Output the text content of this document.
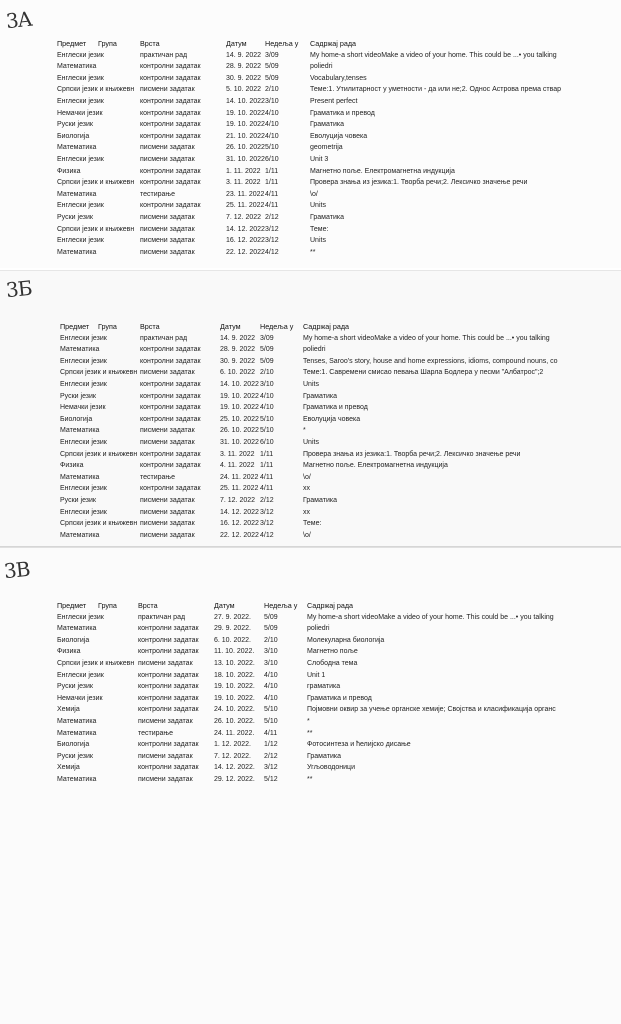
3A
Предмет	Група	Врста	Датум	Недеља у	Садржај рада
Енглески језик	практичан рад	14. 9. 2022 3/09	My home-a short videoMake a video of your home. This could be ...• you talking
Математика	контролни задатак	28. 9. 2022 5/09	poliedri
Енглески језик	контролни задатак	30. 9. 2022 5/09	Vocabulary,tenses
Српски језик и књижевн писмени задатак	5. 10. 2022 2/10	Теме:1. Утилитарност у уметности - да или не;2. Однос Астрова према ствар
Енглески језик	контролни задатак	14. 10. 2022 3/10	Present perfect
Немачки језик	контролни задатак	19. 10. 2022 4/10	Граматика и превод
Руски језик	контролни задатак	19. 10. 2022 4/10	Граматика
Биологија	контролни задатак	21. 10. 2022 4/10	Еволуција човека
Математика	писмени задатак	26. 10. 2022 5/10	geometrija
Енглески језик	писмени задатак	31. 10. 2022 6/10	Unit 3
Физика	контролни задатак	1. 11. 2022 1/11	Магнетно поље. Електромагнетна индукција
Српски језик и књижевн контролни задатак	3. 11. 2022 1/11	Провера знања из језика:1. Творба речи;2. Лексичко значење речи
Математика	тестирање	23. 11. 2022 4/11	\o/
Енглески језик	контролни задатак	25. 11. 2022 4/11	Units
Руски језик	писмени задатак	7. 12. 2022 2/12	Граматика
Српски језик и књижевн писмени задатак	14. 12. 2022 3/12	Теме:
Енглески језик	писмени задатак	16. 12. 2022 3/12	Units
Математика	писмени задатак	22. 12. 2022 4/12	**
3Б
Предмет	Група	Врста	Датум	Недеља у	Садржај рада
Енглески језик	практичан рад	14. 9. 2022 3/09	My home-a short videoMake a video of your home. This could be ...• you talking
Математика	контролни задатак	28. 9. 2022 5/09	poliedri
Енглески језик	контролни задатак	30. 9. 2022 5/09	Tenses, Saroo's story, house and home expressions, idioms, compound nouns, co
Српски језик и књижевн писмени задатак	6. 10. 2022 2/10	Теме:1. Савремени смисао певања Шарла Бодлера у песми "Албатрос";2
Енглески језик	контролни задатак	14. 10. 2022 3/10	Units
Руски језик	контролни задатак	19. 10. 2022 4/10	Граматика
Немачки језик	контролни задатак	19. 10. 2022 4/10	Граматика и превод
Биологија	контролни задатак	25. 10. 2022 5/10	Еволуција човека
Математика	писмени задатак	26. 10. 2022 5/10	*
Енглески језик	писмени задатак	31. 10. 2022 6/10	Units
Српски језик и књижевн контролни задатак	3. 11. 2022 1/11	Провера знања из језика:1. Творба речи;2. Лексичко значење речи
Физика	контролни задатак	4. 11. 2022 1/11	Магнетно поље. Електромагнетна индукција
Математика	тестирање	24. 11. 2022 4/11	\o/
Енглески језик	контролни задатак	25. 11. 2022 4/11	xx
Руски језик	писмени задатак	7. 12. 2022 2/12	Граматика
Енглески језик	писмени задатак	14. 12. 2022 3/12	xx
Српски језик и књижевн писмени задатак	16. 12. 2022 3/12	Теме:
Математика	писмени задатак	22. 12. 2022 4/12	\o/
3В
Предмет	Група	Врста	Датум	Недеља у	Садржај рада
Енглески језик	практичан рад	27. 9. 2022.	5/09	My home-a short videoMake a video of your home. This could be ...• you talking
Математика	контролни задатак	29. 9. 2022.	5/09	poliedri
Биологија	контролни задатак	6. 10. 2022.	2/10	Молекуларна биологија
Физика	контролни задатак	11. 10. 2022.	3/10	Магнетно поље
Српски језик и књижевн писмени задатак	13. 10. 2022.	3/10	Слободна тема
Енглески језик	контролни задатак	18. 10. 2022.	4/10	Unit 1
Руски језик	контролни задатак	19. 10. 2022.	4/10	граматика
Немачки језик	контролни задатак	19. 10. 2022.	4/10	Граматика и превод
Хемија	контролни задатак	24. 10. 2022.	5/10	Појмовни оквир за учење органске хемије; Својства и класификација органс
Математика	писмени задатак	26. 10. 2022.	5/10	*
Математика	тестирање	24. 11. 2022.	4/11	**
Биологија	контролни задатак	1. 12. 2022.	1/12	Фотосинтеза и ћелијско дисање
Руски језик	писмени задатак	7. 12. 2022.	2/12	Граматика
Хемија	контролни задатак	14. 12. 2022.	3/12	Угљоводоници
Математика	писмени задатак	29. 12. 2022.	5/12	**
